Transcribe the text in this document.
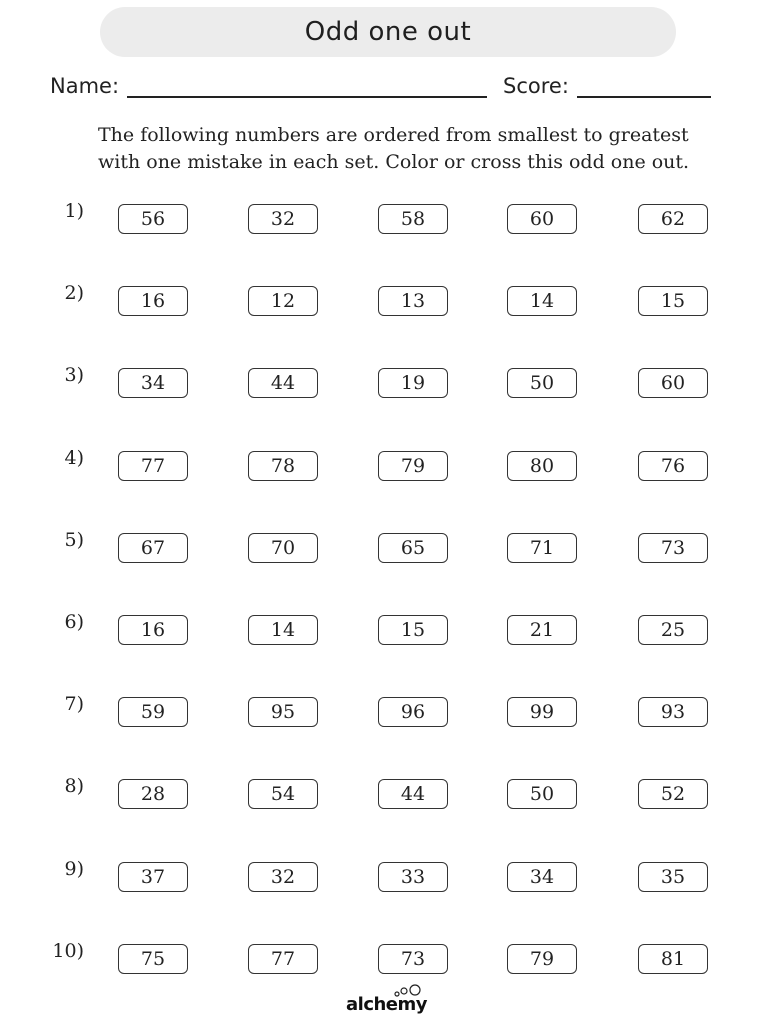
Odd one out
Name:	Score:
The following numbers are ordered from smallest to greatest
with one mistake in each set. Color or cross this odd one out.
1)	56	32	58	60	62
2)	16	12	13	14	15
3)	34	44	19	50	60
4)	77	78	79	80	76
5)	67	70	65	71	73
6)	16	14	15	21	25
7)	59	95	96	99	93
8)	28	54	44	50	52
9)	37	32	33	34	35
10)	75	77	73	79	81
alchemy
